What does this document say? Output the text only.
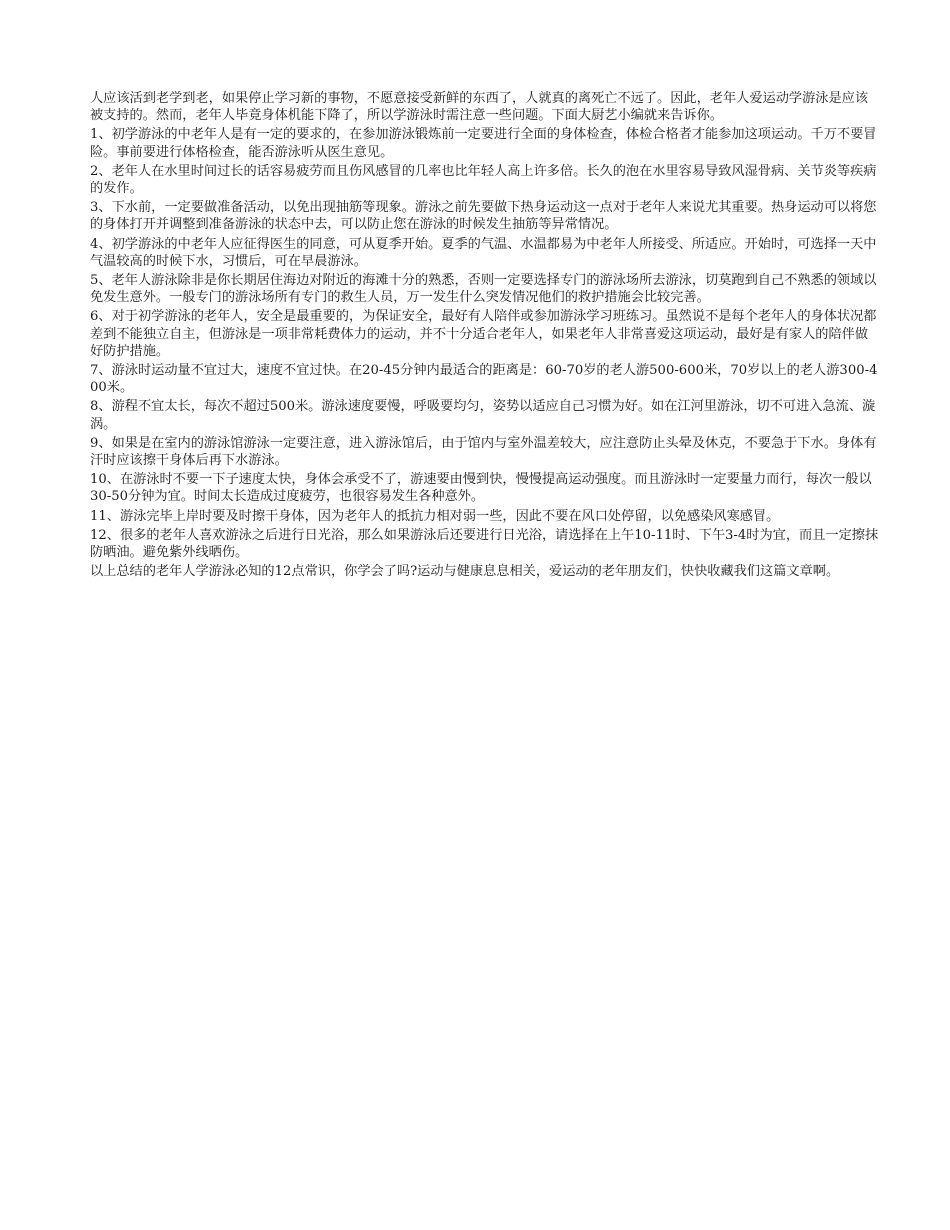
人应该活到老学到老，如果停止学习新的事物，不愿意接受新鲜的东西了，人就真的离死亡不远了。因此，老年人爱运动学游泳是应该被支持的。然而，老年人毕竟身体机能下降了，所以学游泳时需注意一些问题。下面大厨艺小编就来告诉你。

1、初学游泳的中老年人是有一定的要求的，在参加游泳锻炼前一定要进行全面的身体检查，体检合格者才能参加这项运动。千万不要冒险。事前要进行体格检查，能否游泳听从医生意见。

2、老年人在水里时间过长的话容易疲劳而且伤风感冒的几率也比年轻人高上许多倍。长久的泡在水里容易导致风湿骨病、关节炎等疾病的发作。

3、下水前，一定要做准备活动，以免出现抽筋等现象。游泳之前先要做下热身运动这一点对于老年人来说尤其重要。热身运动可以将您的身体打开并调整到准备游泳的状态中去，可以防止您在游泳的时候发生抽筋等异常情况。

4、初学游泳的中老年人应征得医生的同意，可从夏季开始。夏季的气温、水温都易为中老年人所接受、所适应。开始时，可选择一天中气温较高的时候下水，习惯后，可在早晨游泳。

5、老年人游泳除非是你长期居住海边对附近的海滩十分的熟悉，否则一定要选择专门的游泳场所去游泳，切莫跑到自己不熟悉的领域以免发生意外。一般专门的游泳场所有专门的救生人员，万一发生什么突发情况他们的救护措施会比较完善。

6、对于初学游泳的老年人，安全是最重要的，为保证安全，最好有人陪伴或参加游泳学习班练习。虽然说不是每个老年人的身体状况都差到不能独立自主，但游泳是一项非常耗费体力的运动，并不十分适合老年人，如果老年人非常喜爱这项运动，最好是有家人的陪伴做好防护措施。

7、游泳时运动量不宜过大，速度不宜过快。在20-45分钟内最适合的距离是：60-70岁的老人游500-600米，70岁以上的老人游300-400米。

8、游程不宜太长，每次不超过500米。游泳速度要慢，呼吸要均匀，姿势以适应自己习惯为好。如在江河里游泳，切不可进入急流、漩涡。

9、如果是在室内的游泳馆游泳一定要注意，进入游泳馆后，由于馆内与室外温差较大，应注意防止头晕及休克，不要急于下水。身体有汗时应该擦干身体后再下水游泳。

10、在游泳时不要一下子速度太快，身体会承受不了，游速要由慢到快，慢慢提高运动强度。而且游泳时一定要量力而行，每次一般以30-50分钟为宜。时间太长造成过度疲劳，也很容易发生各种意外。

11、游泳完毕上岸时要及时擦干身体，因为老年人的抵抗力相对弱一些，因此不要在风口处停留，以免感染风寒感冒。

12、很多的老年人喜欢游泳之后进行日光浴，那么如果游泳后还要进行日光浴，请选择在上午10-11时、下午3-4时为宜，而且一定擦抹防晒油。避免紫外线晒伤。

以上总结的老年人学游泳必知的12点常识，你学会了吗?运动与健康息息相关，爱运动的老年朋友们，快快收藏我们这篇文章啊。
